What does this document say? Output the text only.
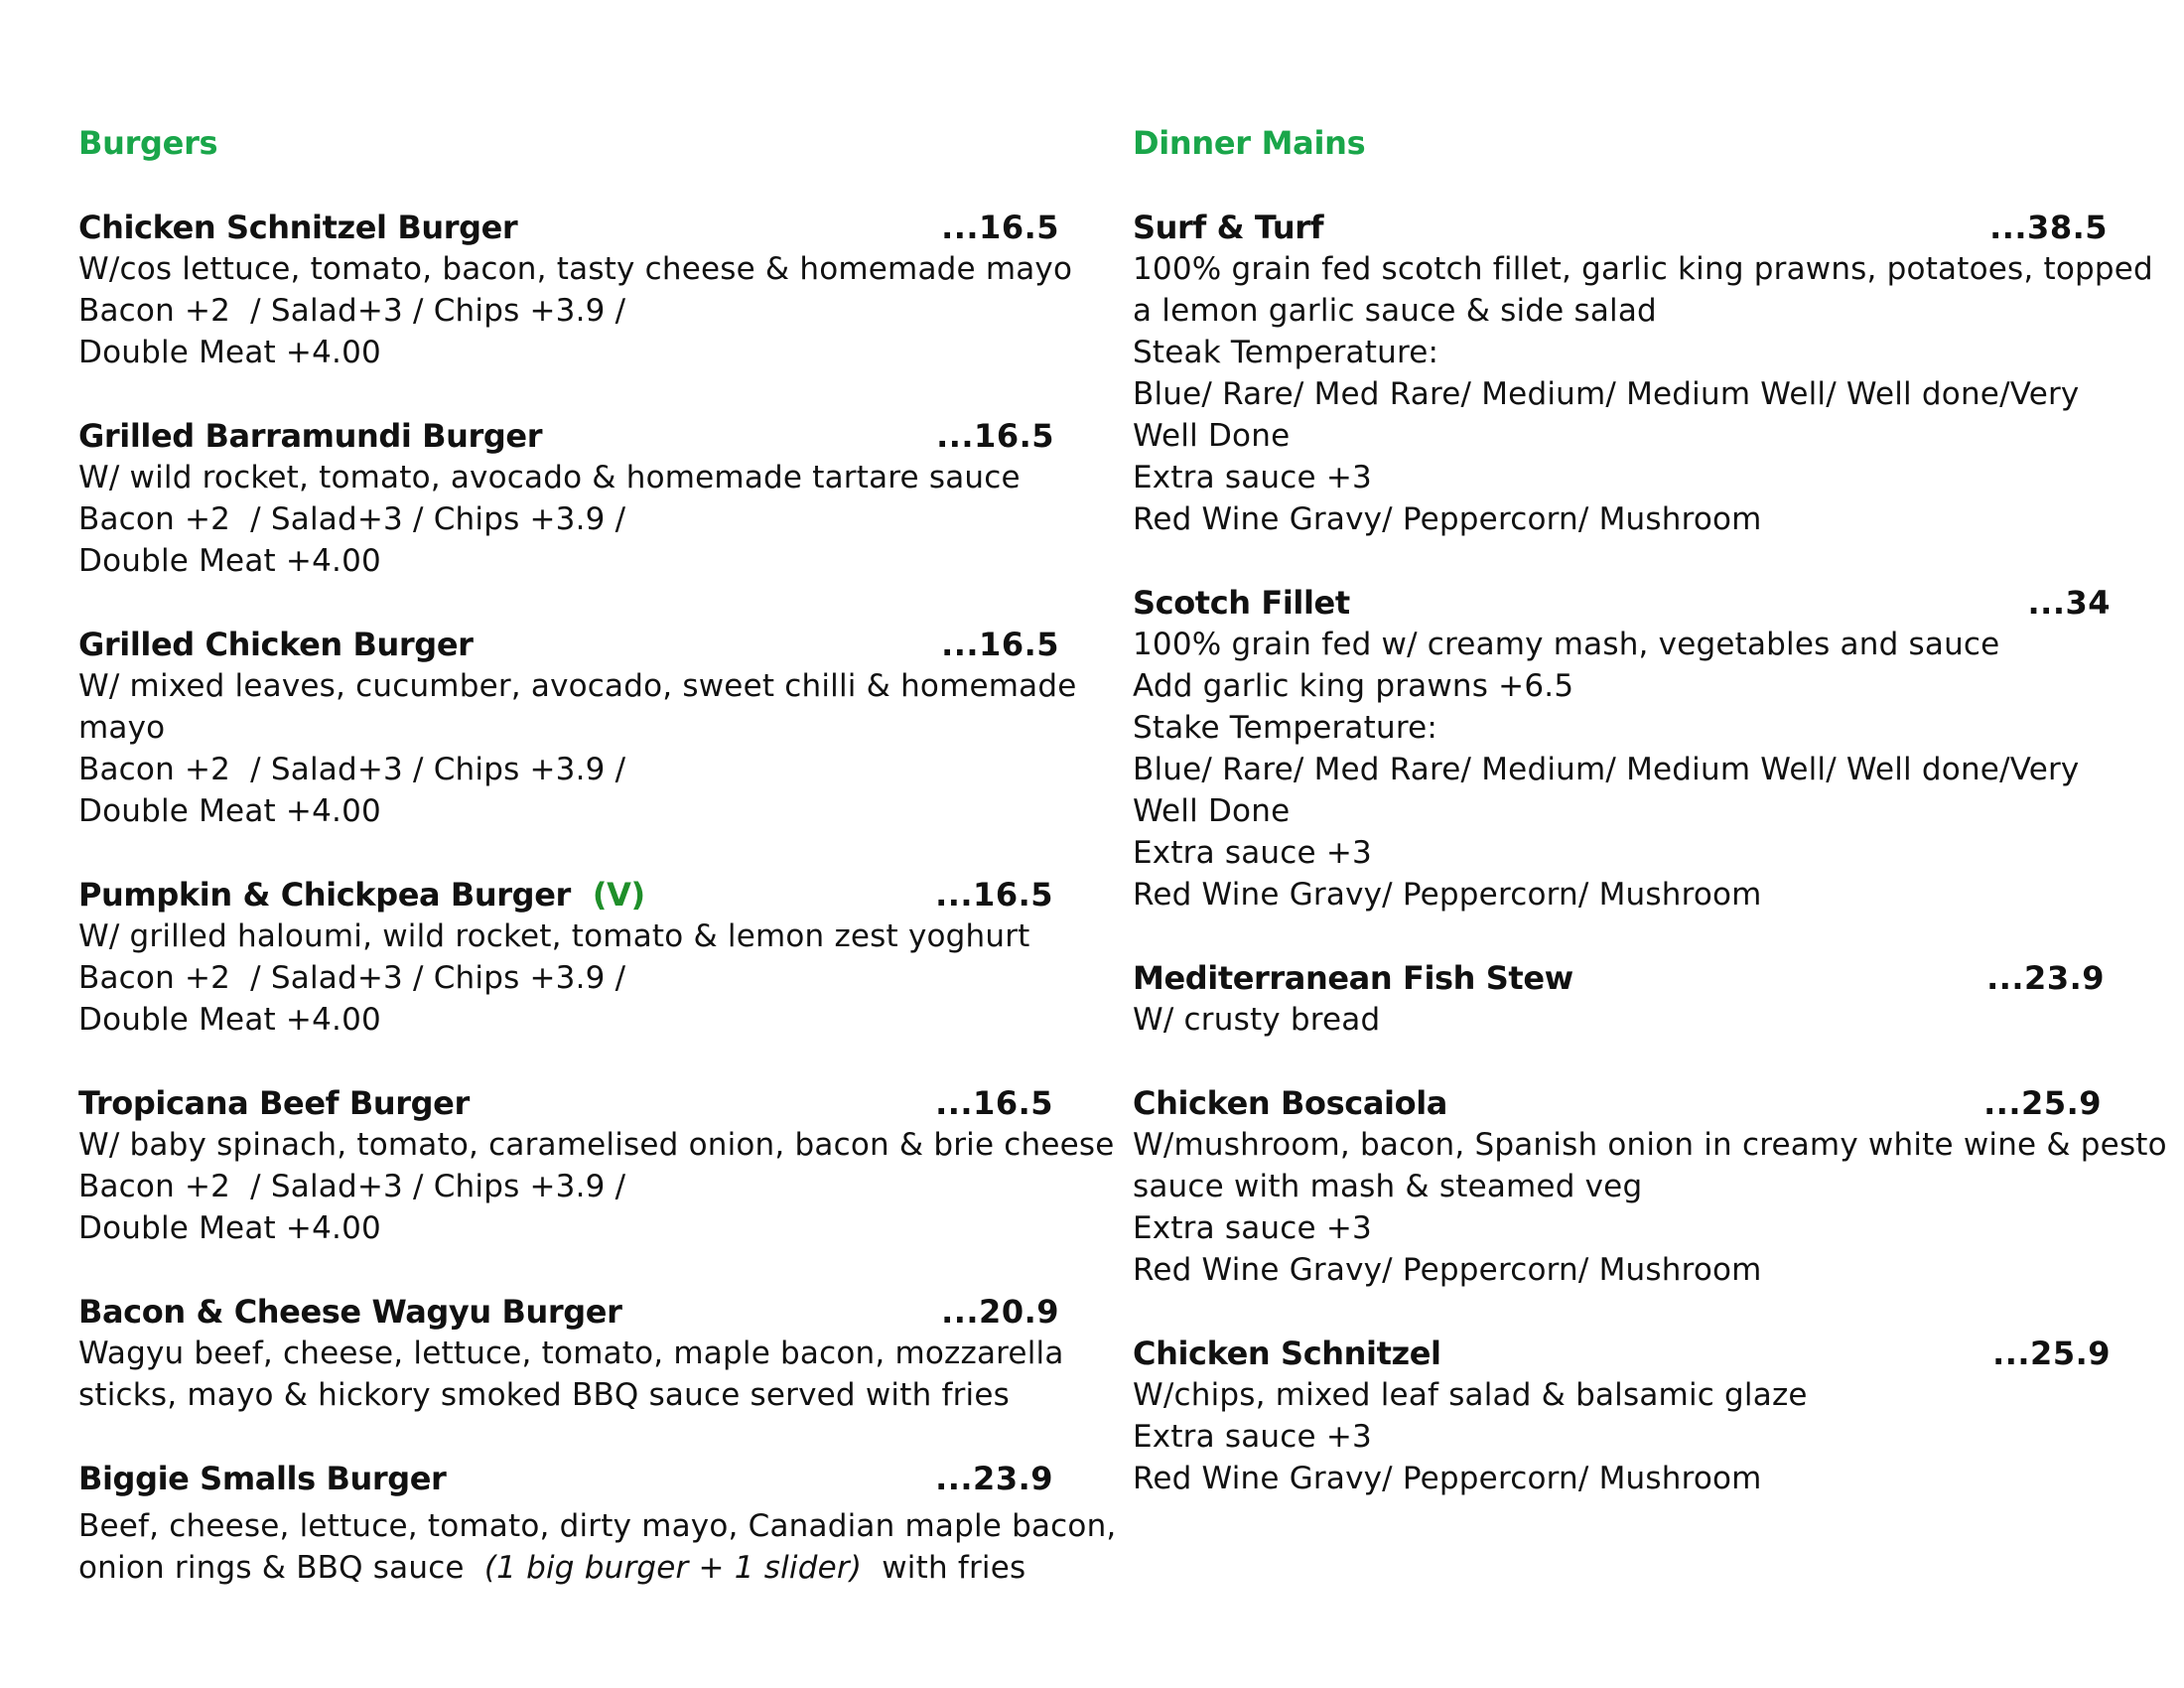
Burgers
Chicken Schnitzel Burger	...16.5
W/cos lettuce, tomato, bacon, tasty cheese & homemade mayo
Bacon +2  / Salad+3 / Chips +3.9 /
Double Meat +4.00
Grilled Barramundi Burger	...16.5
W/ wild rocket, tomato, avocado & homemade tartare sauce
Bacon +2  / Salad+3 / Chips +3.9 /
Double Meat +4.00
Grilled Chicken Burger	...16.5
W/ mixed leaves, cucumber, avocado, sweet chilli & homemade
mayo
Bacon +2  / Salad+3 / Chips +3.9 /
Double Meat +4.00
Pumpkin & Chickpea Burger (V)	...16.5
W/ grilled haloumi, wild rocket, tomato & lemon zest yoghurt
Bacon +2  / Salad+3 / Chips +3.9 /
Double Meat +4.00
Tropicana Beef Burger	...16.5
W/ baby spinach, tomato, caramelised onion, bacon & brie cheese
Bacon +2  / Salad+3 / Chips +3.9 /
Double Meat +4.00
Bacon & Cheese Wagyu Burger	...20.9
Wagyu beef, cheese, lettuce, tomato, maple bacon, mozzarella
sticks, mayo & hickory smoked BBQ sauce served with fries
Biggie Smalls Burger	...23.9
Beef, cheese, lettuce, tomato, dirty mayo, Canadian maple bacon,
onion rings & BBQ sauce  (1 big burger + 1 slider)  with fries
Dinner Mains
Surf & Turf	...38.5
100% grain fed scotch fillet, garlic king prawns, potatoes, topped
a lemon garlic sauce & side salad
Steak Temperature:
Blue/ Rare/ Med Rare/ Medium/ Medium Well/ Well done/Very
Well Done
Extra sauce +3
Red Wine Gravy/ Peppercorn/ Mushroom
Scotch Fillet	...34
100% grain fed w/ creamy mash, vegetables and sauce
Add garlic king prawns +6.5
Stake Temperature:
Blue/ Rare/ Med Rare/ Medium/ Medium Well/ Well done/Very
Well Done
Extra sauce +3
Red Wine Gravy/ Peppercorn/ Mushroom
Mediterranean Fish Stew	...23.9
W/ crusty bread
Chicken Boscaiola	...25.9
W/mushroom, bacon, Spanish onion in creamy white wine & pesto
sauce with mash & steamed veg
Extra sauce +3
Red Wine Gravy/ Peppercorn/ Mushroom
Chicken Schnitzel	...25.9
W/chips, mixed leaf salad & balsamic glaze
Extra sauce +3
Red Wine Gravy/ Peppercorn/ Mushroom
